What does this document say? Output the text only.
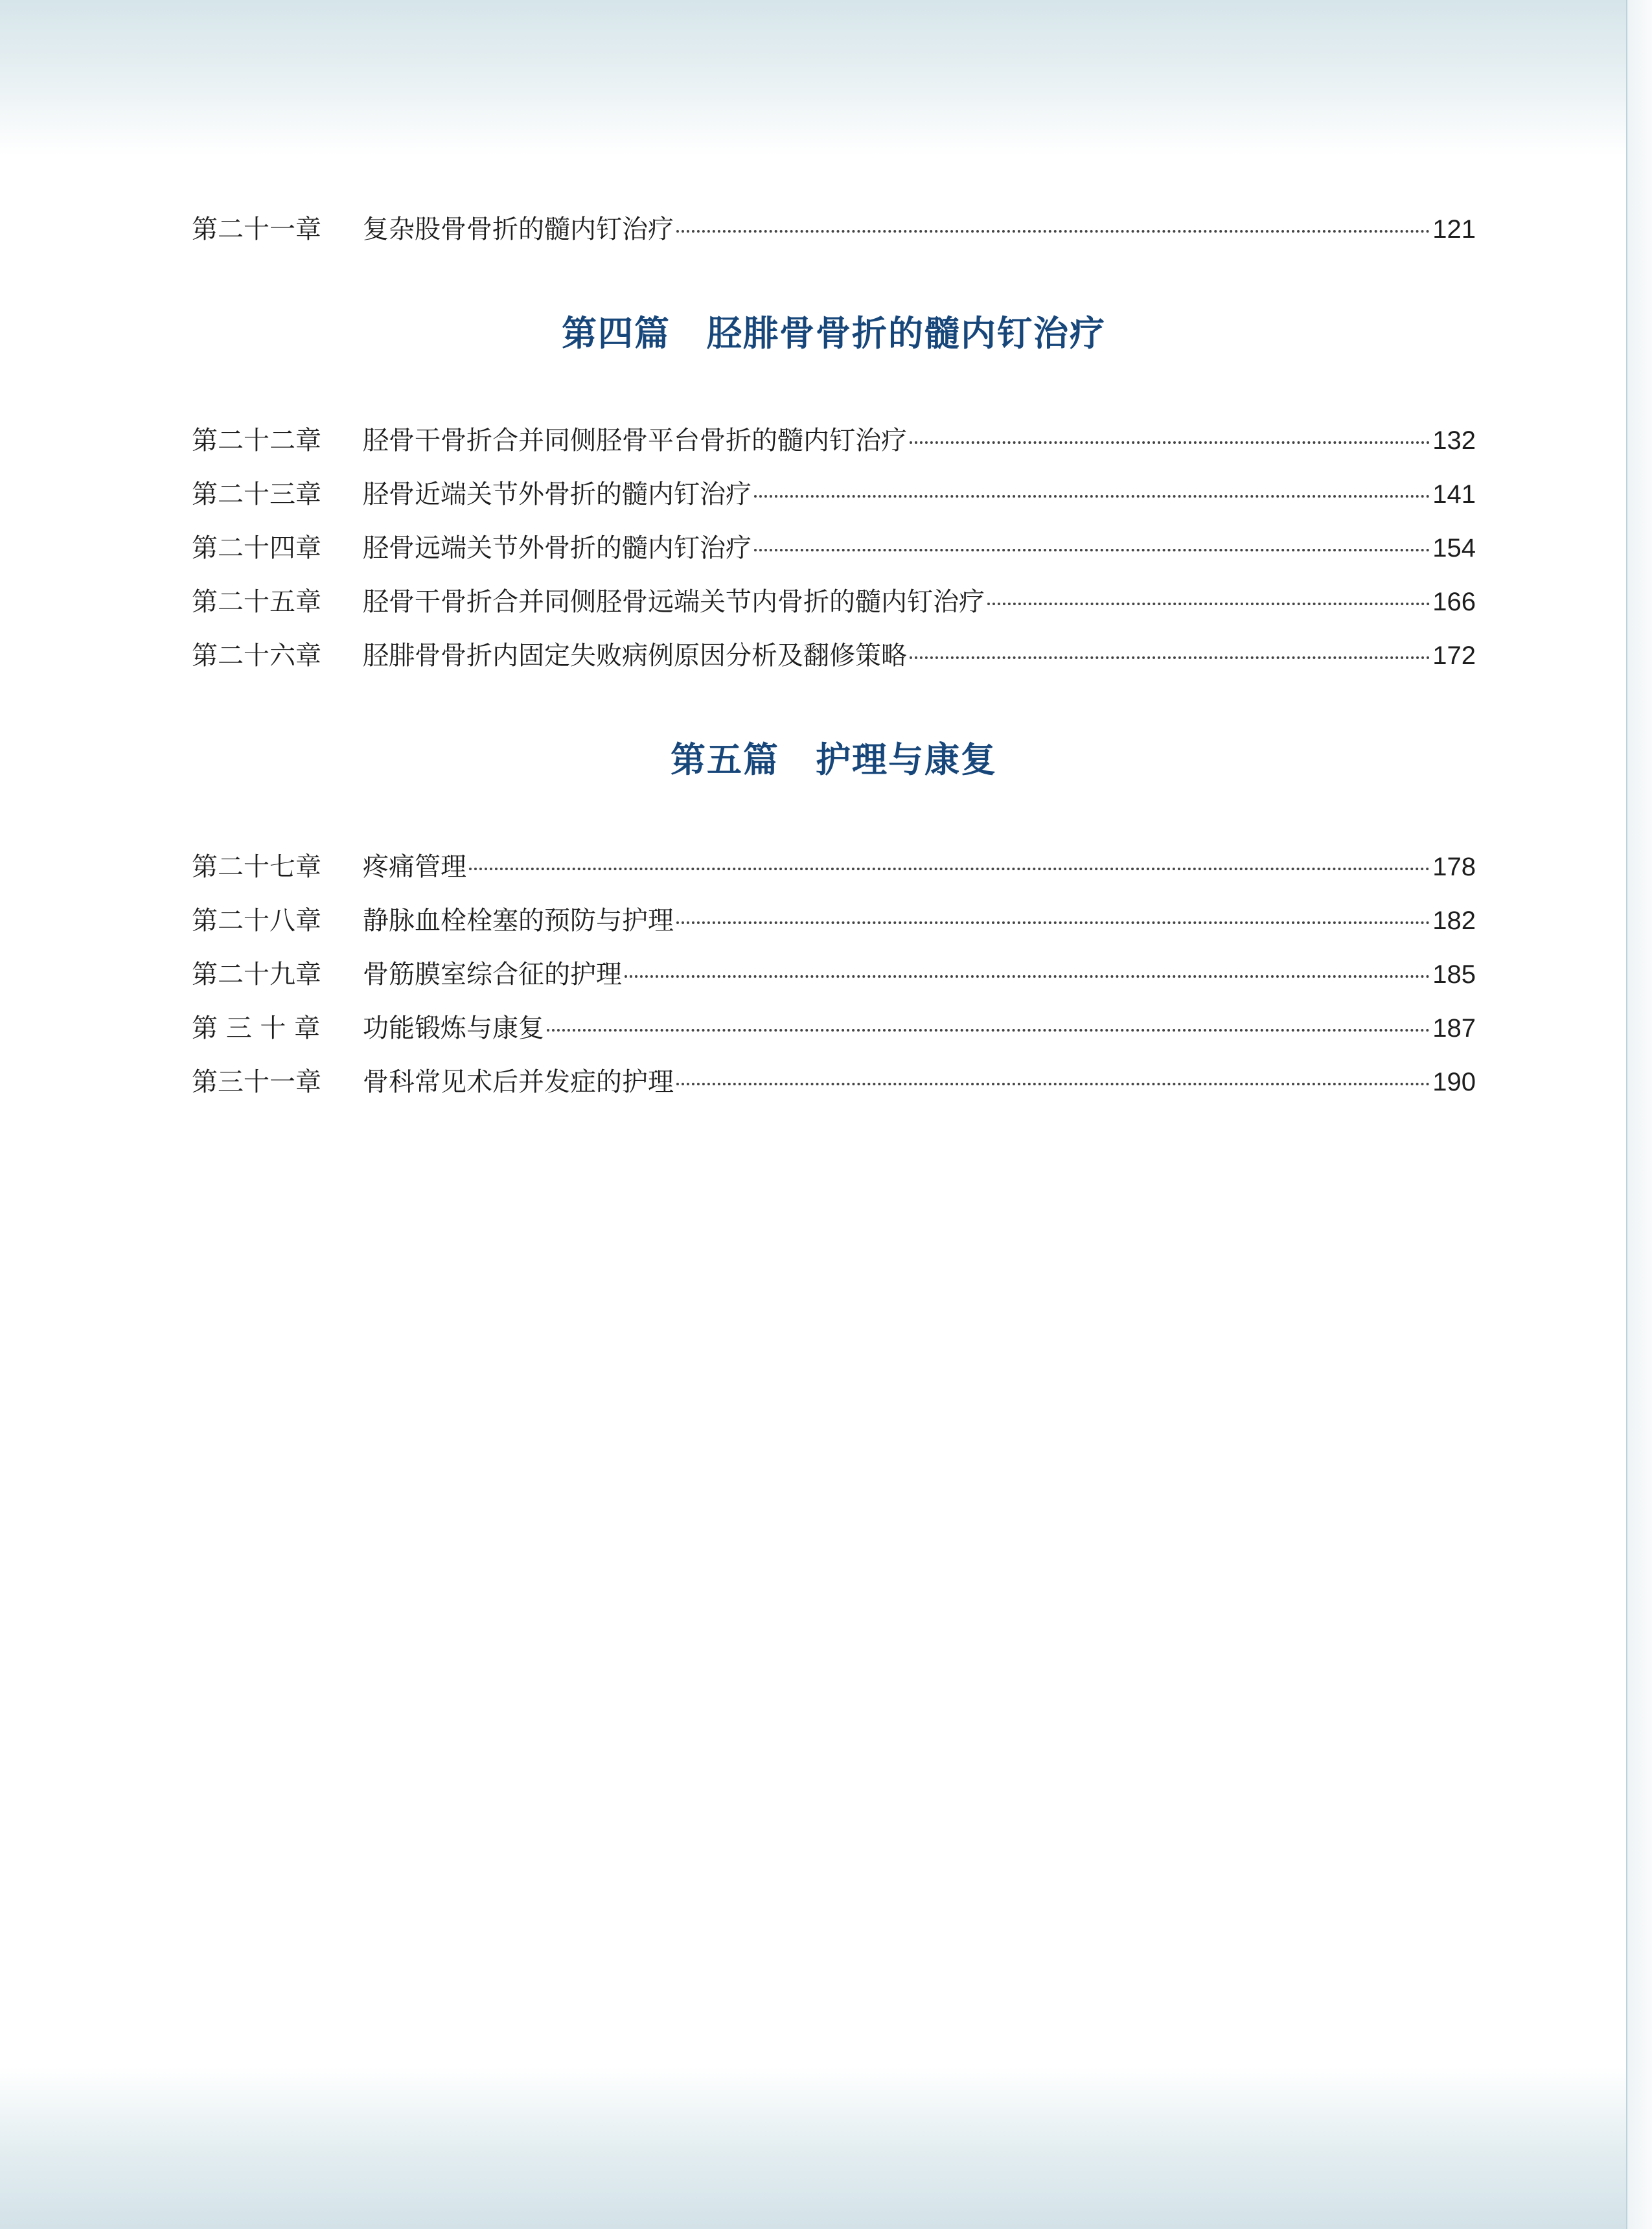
第二十一章	复杂股骨骨折的髓内钉治疗	121
第四篇　胫腓骨骨折的髓内钉治疗
第二十二章	胫骨干骨折合并同侧胫骨平台骨折的髓内钉治疗	132
第二十三章	胫骨近端关节外骨折的髓内钉治疗	141
第二十四章	胫骨远端关节外骨折的髓内钉治疗	154
第二十五章	胫骨干骨折合并同侧胫骨远端关节内骨折的髓内钉治疗	166
第二十六章	胫腓骨骨折内固定失败病例原因分析及翻修策略	172
第五篇　护理与康复
第二十七章	疼痛管理	178
第二十八章	静脉血栓栓塞的预防与护理	182
第二十九章	骨筋膜室综合征的护理	185
第 三 十 章	功能锻炼与康复	187
第三十一章	骨科常见术后并发症的护理	190
